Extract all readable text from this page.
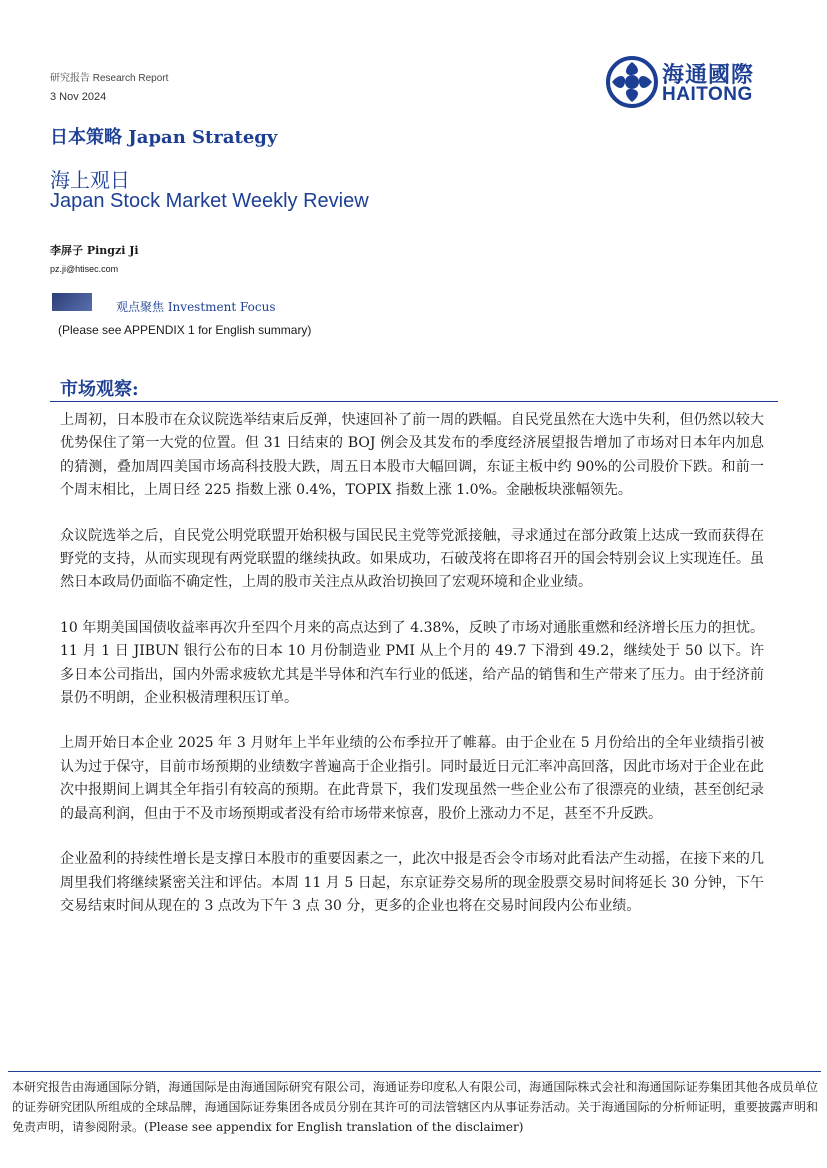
研究报告 Research Report
3 Nov 2024
海通國際
HAITONG
日本策略 Japan Strategy
海上观日
Japan Stock Market Weekly Review
李屏子 Pingzi Ji
pz.ji@htisec.com
观点聚焦 Investment Focus
(Please see APPENDIX 1 for English summary)
市场观察:

上周初，日本股市在众议院选举结束后反弹，快速回补了前一周的跌幅。自民党虽然在大选中失利，但仍然以较大优势保住了第一大党的位置。但 31 日结束的 BOJ 例会及其发布的季度经济展望报告增加了市场对日本年内加息的猜测，叠加周四美国市场高科技股大跌，周五日本股市大幅回调，东证主板中约 90%的公司股价下跌。和前一个周末相比，上周日经 225 指数上涨 0.4%，TOPIX 指数上涨 1.0%。金融板块涨幅领先。

众议院选举之后，自民党公明党联盟开始积极与国民民主党等党派接触，寻求通过在部分政策上达成一致而获得在野党的支持，从而实现现有两党联盟的继续执政。如果成功，石破茂将在即将召开的国会特别会议上实现连任。虽然日本政局仍面临不确定性，上周的股市关注点从政治切换回了宏观环境和企业业绩。

10 年期美国国债收益率再次升至四个月来的高点达到了 4.38%，反映了市场对通胀重燃和经济增长压力的担忧。11 月 1 日 JIBUN 银行公布的日本 10 月份制造业 PMI 从上个月的 49.7 下滑到 49.2，继续处于 50 以下。许多日本公司指出，国内外需求疲软尤其是半导体和汽车行业的低迷，给产品的销售和生产带来了压力。由于经济前景仍不明朗，企业积极清理积压订单。

上周开始日本企业 2025 年 3 月财年上半年业绩的公布季拉开了帷幕。由于企业在 5 月份给出的全年业绩指引被认为过于保守，目前市场预期的业绩数字普遍高于企业指引。同时最近日元汇率冲高回落，因此市场对于企业在此次中报期间上调其全年指引有较高的预期。在此背景下，我们发现虽然一些企业公布了很漂亮的业绩，甚至创纪录的最高利润，但由于不及市场预期或者没有给市场带来惊喜，股价上涨动力不足，甚至不升反跌。

企业盈利的持续性增长是支撑日本股市的重要因素之一，此次中报是否会令市场对此看法产生动摇，在接下来的几周里我们将继续紧密关注和评估。本周 11 月 5 日起，东京证券交易所的现金股票交易时间将延长 30 分钟，下午交易结束时间从现在的 3 点改为下午 3 点 30 分，更多的企业也将在交易时间段内公布业绩。

本研究报告由海通国际分销，海通国际是由海通国际研究有限公司，海通证券印度私人有限公司，海通国际株式会社和海通国际证券集团其他各成员单位的证券研究团队所组成的全球品牌，海通国际证券集团各成员分别在其许可的司法管辖区内从事证券活动。关于海通国际的分析师证明，重要披露声明和免责声明，请参阅附录。(Please see appendix for English translation of the disclaimer)
